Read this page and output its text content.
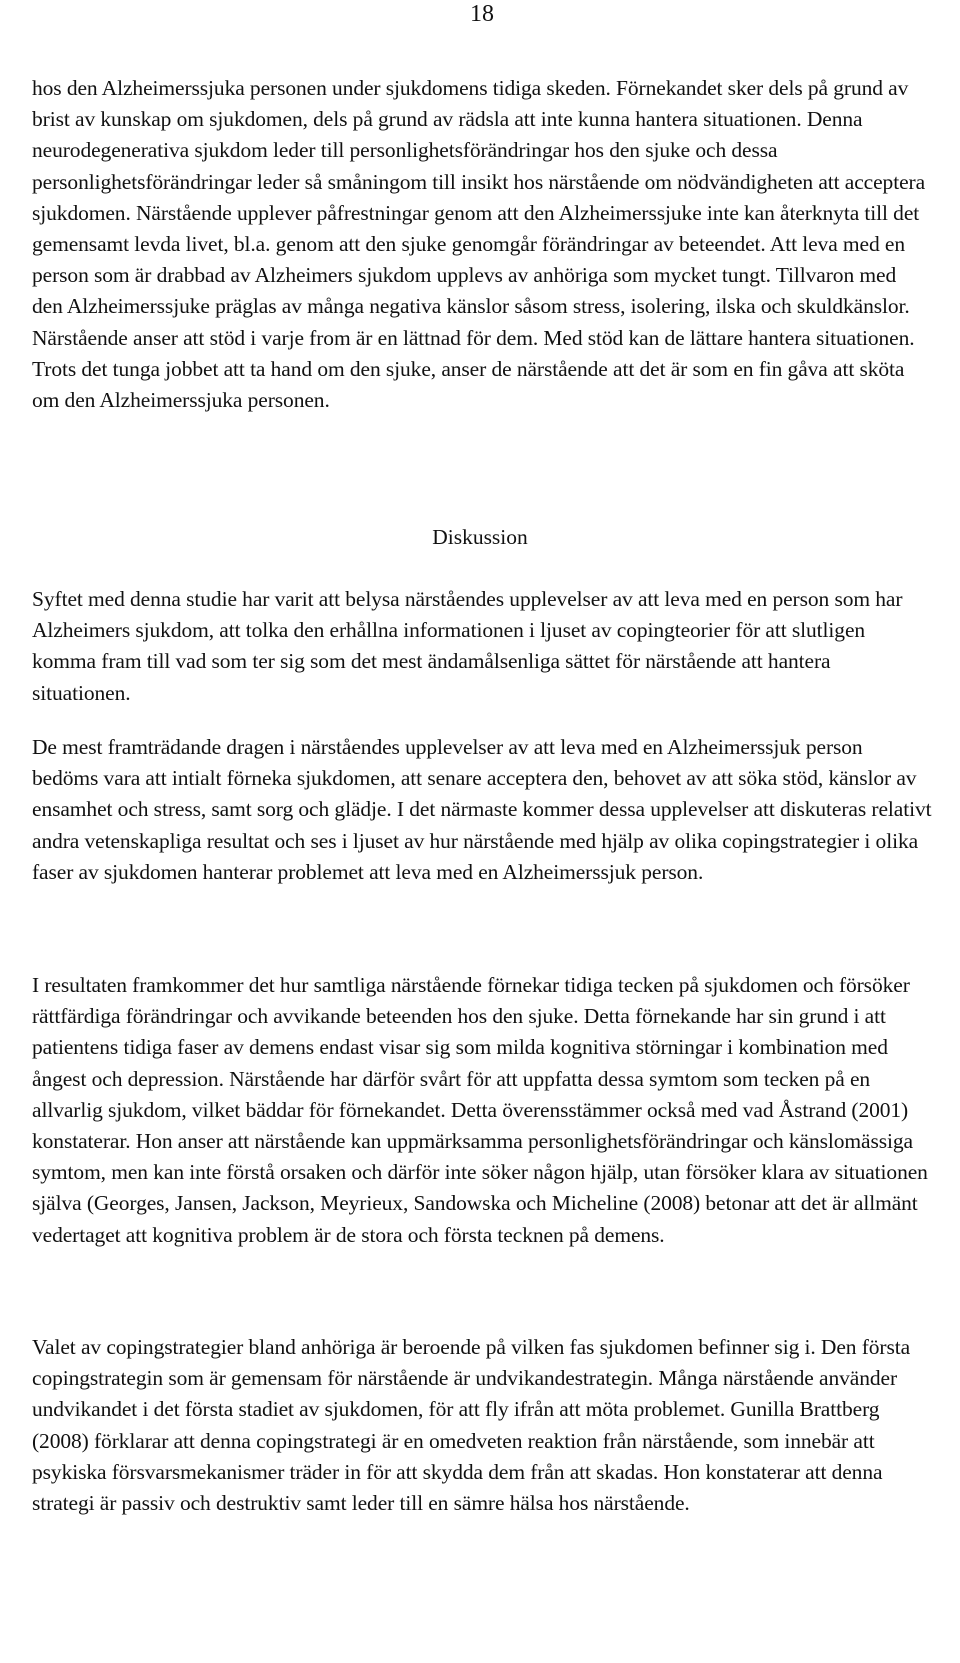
18

hos den Alzheimerssjuka personen under sjukdomens tidiga skeden. Förnekandet sker dels på grund av brist av kunskap om sjukdomen, dels på grund av rädsla att inte kunna hantera situationen. Denna neurodegenerativa sjukdom leder till personlighetsförändringar hos den sjuke och dessa personlighetsförändringar leder så småningom till insikt hos närstående om nödvändigheten att acceptera sjukdomen. Närstående upplever påfrestningar genom att den Alzheimerssjuke inte kan återknyta till det gemensamt levda livet, bl.a. genom att den sjuke genomgår förändringar av beteendet. Att leva med en person som är drabbad av Alzheimers sjukdom upplevs av anhöriga som mycket tungt. Tillvaron med den Alzheimerssjuke präglas av många negativa känslor såsom stress, isolering, ilska och skuldkänslor. Närstående anser att stöd i varje from är en lättnad för dem. Med stöd kan de lättare hantera situationen. Trots det tunga jobbet att ta hand om den sjuke, anser de närstående att det är som en fin gåva att sköta om den Alzheimerssjuka personen.

Diskussion

Syftet med denna studie har varit att belysa närståendes upplevelser av att leva med en person som har Alzheimers sjukdom, att tolka den erhållna informationen i ljuset av copingteorier för att slutligen komma fram till vad som ter sig som det mest ändamålsenliga sättet för närstående att hantera situationen.

De mest framträdande dragen i närståendes upplevelser av att leva med en Alzheimerssjuk person bedöms vara att intialt förneka sjukdomen, att senare acceptera den, behovet av att söka stöd, känslor av ensamhet och stress, samt sorg och glädje. I det närmaste kommer dessa upplevelser att diskuteras relativt andra vetenskapliga resultat och ses i ljuset av hur närstående med hjälp av olika copingstrategier i olika faser av sjukdomen hanterar problemet att leva med en Alzheimerssjuk person.

I resultaten framkommer det hur samtliga närstående förnekar tidiga tecken på sjukdomen och försöker rättfärdiga förändringar och avvikande beteenden hos den sjuke. Detta förnekande har sin grund i att patientens tidiga faser av demens endast visar sig som milda kognitiva störningar i kombination med ångest och depression. Närstående har därför svårt för att uppfatta dessa symtom som tecken på en allvarlig sjukdom, vilket bäddar för förnekandet. Detta överensstämmer också med vad Åstrand (2001) konstaterar. Hon anser att närstående kan uppmärksamma personlighetsförändringar och känslomässiga symtom, men kan inte förstå orsaken och därför inte söker någon hjälp, utan försöker klara av situationen själva (Georges, Jansen, Jackson, Meyrieux, Sandowska och Micheline (2008) betonar att det är allmänt vedertaget att kognitiva problem är de stora och första tecknen på demens.

Valet av copingstrategier bland anhöriga är beroende på vilken fas sjukdomen befinner sig i. Den första copingstrategin som är gemensam för närstående är undvikandestrategin. Många närstående använder undvikandet i det första stadiet av sjukdomen, för att fly ifrån att möta problemet. Gunilla Brattberg (2008) förklarar att denna copingstrategi är en omedveten reaktion från närstående, som innebär att psykiska försvarsmekanismer träder in för att skydda dem från att skadas. Hon konstaterar att denna strategi är passiv och destruktiv samt leder till en sämre hälsa hos närstående.
